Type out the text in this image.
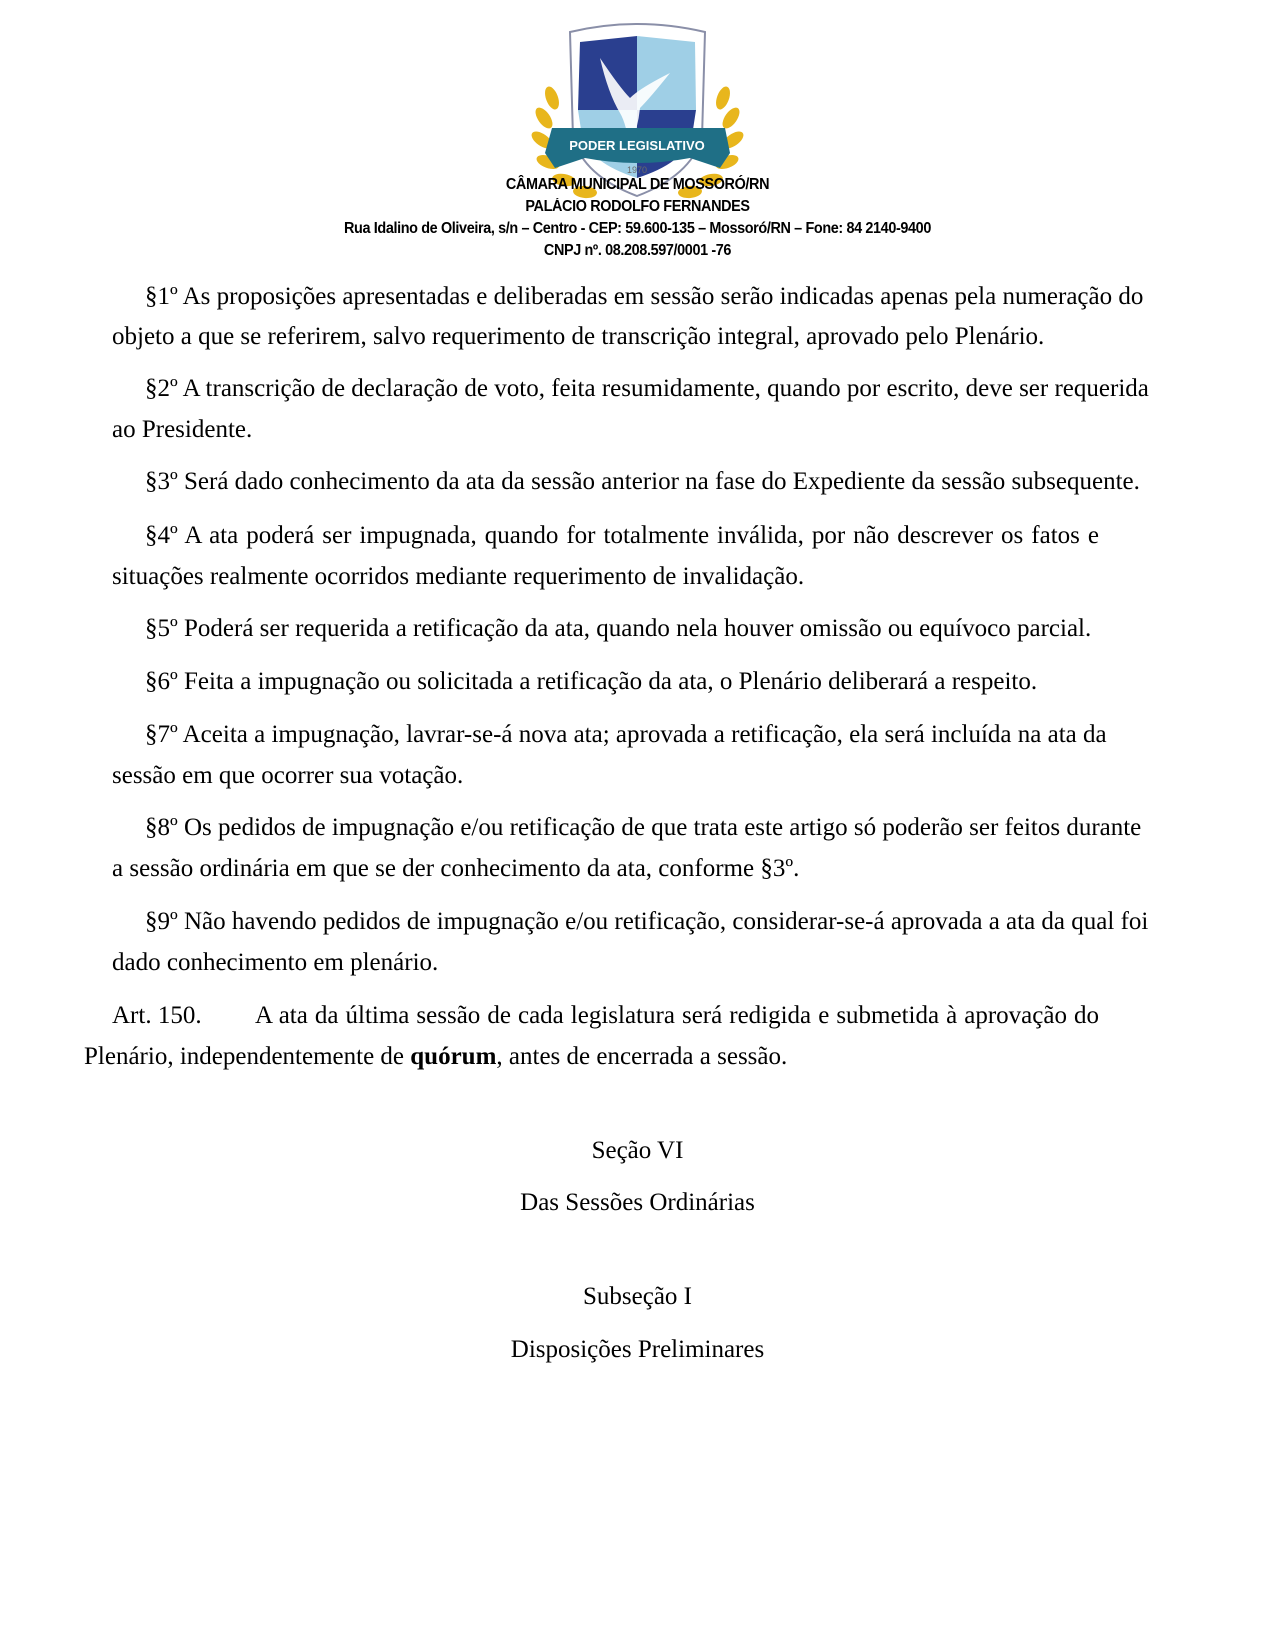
PODER LEGISLATIVO
1970
CÂMARA MUNICIPAL DE MOSSORÓ/RN
PALÁCIO RODOLFO FERNANDES
Rua Idalino de Oliveira, s/n – Centro - CEP: 59.600-135 – Mossoró/RN – Fone: 84 2140-9400
CNPJ nº. 08.208.597/0001 -76
§1º As proposições apresentadas e deliberadas em sessão serão indicadas apenas pela numeração do
objeto a que se referirem, salvo requerimento de transcrição integral, aprovado pelo Plenário.
§2º A transcrição de declaração de voto, feita resumidamente, quando por escrito, deve ser requerida
ao Presidente.
§3º Será dado conhecimento da ata da sessão anterior na fase do Expediente da sessão subsequente.
§4º A ata poderá ser impugnada, quando for totalmente inválida, por não descrever os fatos e
situações realmente ocorridos mediante requerimento de invalidação.
§5º Poderá ser requerida a retificação da ata, quando nela houver omissão ou equívoco parcial.
§6º Feita a impugnação ou solicitada a retificação da ata, o Plenário deliberará a respeito.
§7º Aceita a impugnação, lavrar-se-á nova ata; aprovada a retificação, ela será incluída na ata da
sessão em que ocorrer sua votação.
§8º Os pedidos de impugnação e/ou retificação de que trata este artigo só poderão ser feitos durante
a sessão ordinária em que se der conhecimento da ata, conforme §3º.
§9º Não havendo pedidos de impugnação e/ou retificação, considerar-se-á aprovada a ata da qual foi
dado conhecimento em plenário.
Art. 150. A ata da última sessão de cada legislatura será redigida e submetida à aprovação do
Plenário, independentemente de quórum, antes de encerrada a sessão.
Seção VI
Das Sessões Ordinárias
Subseção I
Disposições Preliminares
